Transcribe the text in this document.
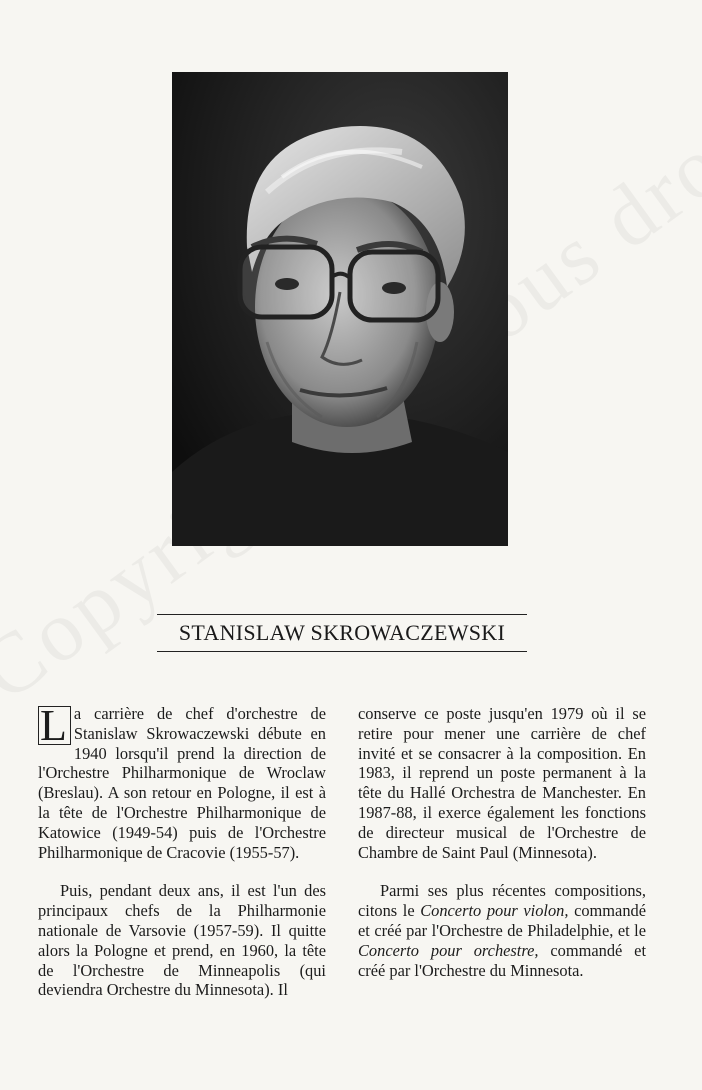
STANISLAW SKROWACZEWSKI

L a carrière de chef d'orchestre de Stanislaw Skrowaczewski débute en 1940 lorsqu'il prend la direction de l'Orchestre Philharmonique de Wroclaw (Breslau). A son retour en Pologne, il est à la tête de l'Orchestre Philharmonique de Katowice (1949-54) puis de l'Orchestre Philharmonique de Cracovie (1955-57).

Puis, pendant deux ans, il est l'un des principaux chefs de la Philharmonie nationale de Varsovie (1957-59). Il quitte alors la Pologne et prend, en 1960, la tête de l'Orchestre de Minneapolis (qui deviendra Orchestre du Minnesota). Il

conserve ce poste jusqu'en 1979 où il se retire pour mener une carrière de chef invité et se consacrer à la composition. En 1983, il reprend un poste permanent à la tête du Hallé Orchestra de Manchester. En 1987-88, il exerce également les fonctions de directeur musical de l'Orchestre de Chambre de Saint Paul (Minnesota).

Parmi ses plus récentes compositions, citons le Concerto pour violon, commandé et créé par l'Orchestre de Philadelphie, et le Concerto pour orchestre, commandé et créé par l'Orchestre du Minnesota.
